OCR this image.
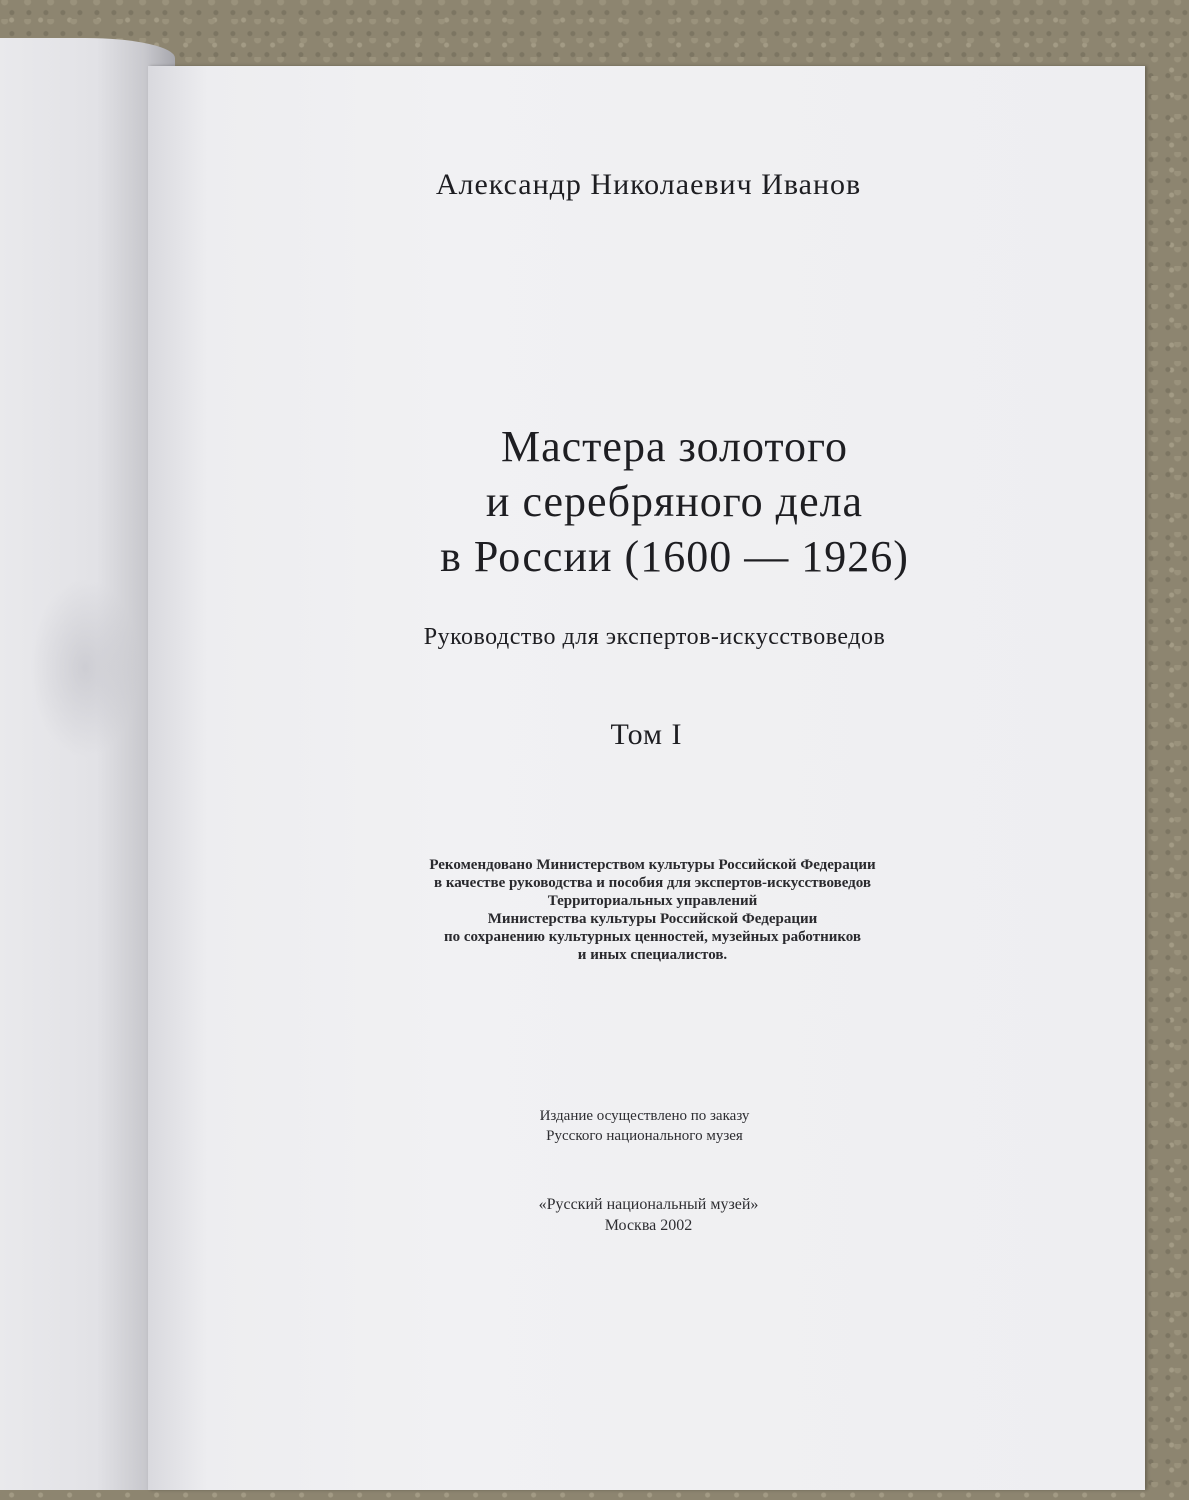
Александр Николаевич Иванов
Мастера золотого
и серебряного дела
в России (1600 — 1926)
Руководство для экспертов-искусствоведов
Том I
Рекомендовано Министерством культуры Российской Федерации
в качестве руководства и пособия для экспертов-искусствоведов
Территориальных управлений
Министерства культуры Российской Федерации
по сохранению культурных ценностей, музейных работников
и иных специалистов.
Издание осуществлено по заказу
Русского национального музея
«Русский национальный музей»
Москва 2002
